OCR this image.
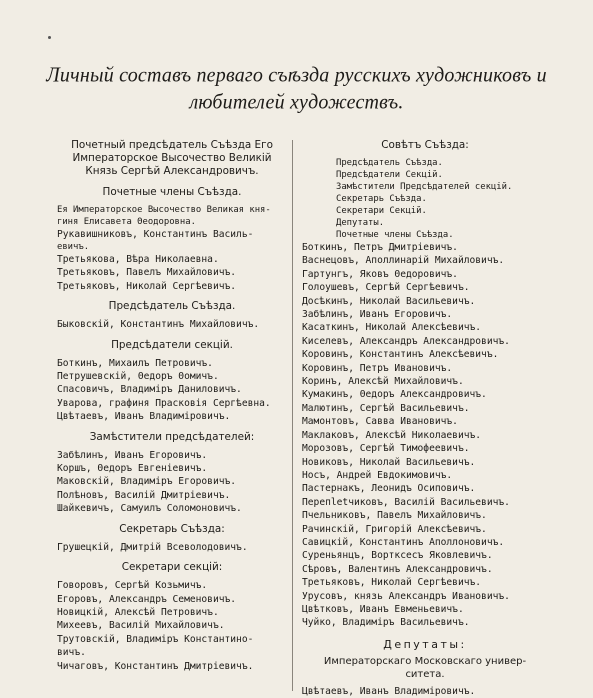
Личный составъ перваго съѣзда русскихъ художниковъ и
любителей художествъ.
Почетный предсѣдатель Съѣзда Его
Императорское Высочество Великій
Князь Сергѣй Александровичъ.
Почетные члены Съѣзда.
Ея Императорское Высочество Великая кня-
гиня Елисавета Θеодоровна.
Рукавишниковъ, Константинъ Василь-
евичъ.
Третьякова, Вѣра Николаевна.
Третьяковъ, Павелъ Михайловичъ.
Третьяковъ, Николай Сергѣевичъ.
Предсѣдатель Съѣзда.
Быковскій, Константинъ Михайловичъ.
Предсѣдатели секцій.
Боткинъ, Михаилъ Петровичъ.
Петрушевскій, Θедоръ Θомичъ.
Спасовичъ, Владиміръ Даниловичъ.
Уварова, графиня Прасковія Сергѣевна.
Цвѣтаевъ, Иванъ Владиміровичъ.
Замѣстители предсѣдателей:
Забѣлинъ, Иванъ Егоровичъ.
Коршъ, Θедоръ Евгеніевичъ.
Маковскій, Владиміръ Егоровичъ.
Полѣновъ, Василій Дмитріевичъ.
Шайкевичъ, Самуилъ Соломоновичъ.
Секретарь Съѣзда:
Грушецкій, Дмитрій Всеволодовичъ.
Секретари секцій:
Говоровъ, Сергѣй Козьмичъ.
Егоровъ, Александръ Семеновичъ.
Новицкій, Алексѣй Петровичъ.
Михеевъ, Василій Михайловичъ.
Трутовскій, Владиміръ Константино-
вичъ.
Чичаговъ, Константинъ Дмитріевичъ.
Совѣтъ Съѣзда:
Предсѣдатель Съѣзда.
Предсѣдатели Секцій.
Замѣстители Предсѣдателей секцій.
Секретарь Съѣзда.
Секретари Секцій.
Депутаты.
Почетные члены Съѣзда.
Боткинъ, Петръ Дмитріевичъ.
Васнецовъ, Аполлинарій Михайловичъ.
Гартунгъ, Яковъ Θедоровичъ.
Голоушевъ, Сергѣй Сергѣевичъ.
Досѣкинъ, Николай Васильевичъ.
Забѣлинъ, Иванъ Егоровичъ.
Касаткинъ, Николай Алексѣевичъ.
Киселевъ, Александръ Александровичъ.
Коровинъ, Константинъ Алексѣевичъ.
Коровинъ, Петръ Ивановичъ.
Коринъ, Алексѣй Михайловичъ.
Кумакинъ, Θедоръ Александровичъ.
Малютинъ, Сергѣй Васильевичъ.
Мамонтовъ, Савва Ивановичъ.
Маклаковъ, Алексѣй Николаевичъ.
Морозовъ, Сергѣй Тимофеевичъ.
Новиковъ, Николай Васильевичъ.
Носъ, Андрей Евдокимовичъ.
Пастернакъ, Леонидъ Осиповичъ.
Перепletчиковъ, Василій Васильевичъ.
Пчельниковъ, Павелъ Михайловичъ.
Рачинскій, Григорій Алексѣевичъ.
Савицкій, Константинъ Аполлоновичъ.
Суреньянцъ, Вортксесъ Яковлевичъ.
Сѣровъ, Валентинъ Александровичъ.
Третьяковъ, Николай Сергѣевичъ.
Урусовъ, князь Александръ Ивановичъ.
Цвѣтковъ, Иванъ Евменьевичъ.
Чуйко, Владиміръ Васильевичъ.
Депутаты:
Императорскаго Московскаго универ-
ситета.
Цвѣтаевъ, Иванъ Владиміровичъ.
